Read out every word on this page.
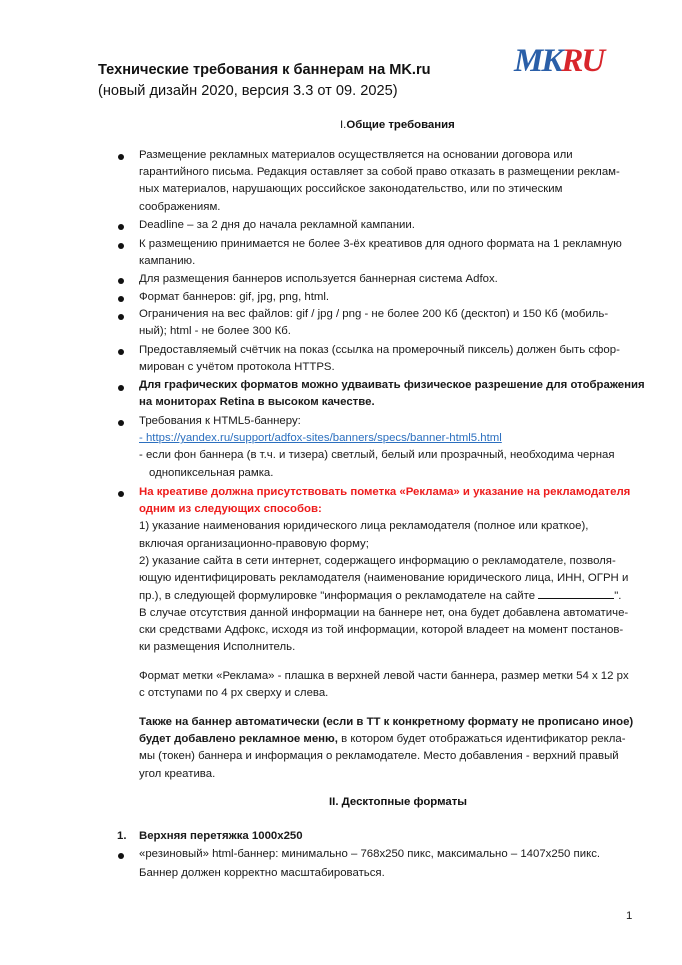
MKRU
Технические требования к баннерам на MK.ru
(новый дизайн 2020, версия 3.3 от 09. 2025)
I.Общие требования
Размещение рекламных материалов осуществляется на основании договора или
гарантийного письма. Редакция оставляет за собой право отказать в размещении реклам-
ных материалов, нарушающих российское законодательство, или по этическим
соображениям.
Deadline – за 2 дня до начала рекламной кампании.
К размещению принимается не более 3-ёх креативов для одного формата на 1 рекламную
кампанию.
Для размещения баннеров используется баннерная система Adfox.
Формат баннеров: gif, jpg, png, html.
Ограничения на вес файлов: gif / jpg / png - не более 200 Кб (десктоп) и 150 Кб (мобиль-
ный); html - не более 300 Кб.
Предоставляемый счётчик на показ (ссылка на промерочный пиксель) должен быть сфор-
мирован с учётом протокола HTTPS.
Для графических форматов можно удваивать физическое разрешение для отображения
на мониторах Retina в высоком качестве.
Требования к HTML5-баннеру:
- https://yandex.ru/support/adfox-sites/banners/specs/banner-html5.html
- если фон баннера (в т.ч. и тизера) светлый, белый или прозрачный, необходима черная
однопиксельная рамка.
На креативе должна присутствовать пометка «Реклама» и указание на рекламодателя
одним из следующих способов:
1) указание наименования юридического лица рекламодателя (полное или краткое),
включая организационно-правовую форму;
2) указание сайта в сети интернет, содержащего информацию о рекламодателе, позволя-
ющую идентифицировать рекламодателя (наименование юридического лица, ИНН, ОГРН и
пр.), в следующей формулировке "информация о рекламодателе на сайте	".
В случае отсутствия данной информации на баннере нет, она будет добавлена автоматиче-
ски средствами Адфокс, исходя из той информации, которой владеет на момент постанов-
ки размещения Исполнитель.
Формат метки «Реклама» - плашка в верхней левой части баннера, размер метки 54 х 12 px
с отступами по 4 px сверху и слева.
Также на баннер автоматически (если в ТТ к конкретному формату не прописано иное)
будет добавлено рекламное меню, в котором будет отображаться идентификатор рекла-
мы (токен) баннера и информация о рекламодателе. Место добавления - верхний правый
угол креатива.
II. Десктопные форматы
1. Верхняя перетяжка 1000x250
«резиновый» html-баннер: минимально – 768x250 пикс, максимально – 1407x250 пикс.
Баннер должен корректно масштабироваться.
1
